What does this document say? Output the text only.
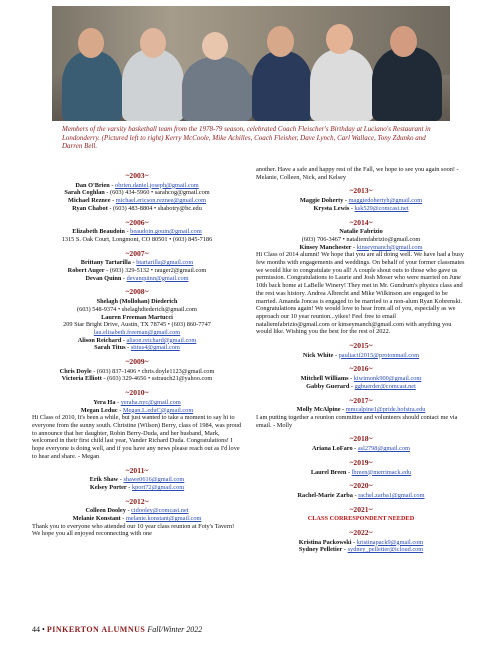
Members of the varsity basketball team from the 1978-79 season, celebrated Coach Fleischer's Birthday at Luciano's Restaurant in Londonderry. (Pictured left to right) Kerry McCoole, Mike Achilles, Coach Fleisher, Dave Lynch, Carl Wallace, Tony Zdunko and Darren Bell.
~2003~
Dan O'Brien - obrien.daniel.joseph@gmail.com
Sarah Coghlan - (603) 434-5960 • sarahcog@gmail.com
Michael Reznee - michael.ericson.reznee@gmail.com
Ryan Chabot - (603) 483-8804 • shabotry@bc.edu
~2006~
Elizabeth Beaudoin - beaudoin.gouin@gmail.com
1315 S. Oak Court, Longmont, CO 80501 • (603) 845-7186
~2007~
Brittany Tartarilla - btartarilla@gmail.com
Robert Auger - (603) 329-5132 • rauger2@gmail.com
Devan Quinn - devanquinn@gmail.com
~2008~
Shelagh (Mollohan) Diederich
(603) 548-9374 • shelaghdiederich@gmail.com
Lauren Freeman Martucci
209 Star Bright Drive, Austin, TX 78745 • (603) 860-7747
lau.elisabeth.freeman@gmail.com
Alison Reichard - alison.reichard@gmail.com
Sarah Titus - stitus4@gmail.com
~2009~
Chris Doyle - (603) 837-1406 • chris.doyle1123@gmail.com
Victoria Elliott - (603) 329-4656 • sstrauch21@yahoo.com
~2010~
Yera Ha - yeraha.nyc@gmail.com
Megan Leduc - Megan.L.eduC@gmail.com
Hi Class of 2010, It's been a while, but just wanted to take a moment to say hi to everyone from the sunny south. Christine (Wilson) Berry, class of 1984, was proud to announce that her daughter, Robin Berry-Duda, and her husband, Mark, welcomed in their first child last year, Vander Richard Duda. Congratulations! I hope everyone is doing well, and if you have any news please reach out as I'd love to hear and share. - Megan
~2011~
Erik Shaw - shawe0616@gmail.com
Kelsey Porter - kport72@gmail.com
~2012~
Colleen Dooley - cidooley@comcast.net
Melanie Konstant - melanie.konstant@gmail.com
Thank you to everyone who attended our 10 year class reunion at Foty's Tavern! We hope you all enjoyed reconnecting with one
another. Have a safe and happy rest of the Fall, we hope to see you again soon! - Melanie, Colleen, Nick, and Kelsey
~2013~
Maggie Doherty - maggiedohertyh@gmail.com
Krysta Lewis - ksk529@comcast.net
~2014~
Natalie Fabrizio
(603) 706-3467 • nataliemfabrizio@gmail.com
Kinsey Manchester - kinseymanch@gmail.com
Hi Class of 2014 alumni! We hope that you are all doing well. We have had a busy few months with engagements and weddings. On behalf of your former classmates we would like to congratulate you all! A couple shout outs to those who gave us permission. Congratulations to Laurie and Josh Moser who were married on June 10th back home at LaBelle Winery! They met in Mr. Gundrum's physics class and the rest was history. Andrea Albrecht and Mike Wilkinson are engaged to be married. Amanda Joncas is engaged to be married to a non-alum Ryan Kobrenski. Congratulations again! We would love to hear from all of you, especially as we approach our 10 year reunion...yikes! Feel free to email nataliemfabrizio@gmail.com or kinseymanch@gmail.com with anything you would like. Wishing you the best for the rest of 2022.
~2015~
Nick White - pauliacif2015@protonmail.com
~2016~
Mitchell Williams - kiwimonk900@gmail.com
Gabby Guerard - ggbuerder@comcast.net
~2017~
Molly McAlpine - mmcalpine1@pride.hofstra.edu
I am putting together a reunion committee and volunteers should contact me via email. - Molly
~2018~
Ariana LoFaro - asl2798@gmail.com
~2019~
Laurel Breen - lbreen@merrimack.edu
~2020~
Rachel-Marie Zarba - rachel.zarba1@gmail.com
~2021~
CLASS CORRESPONDENT NEEDED
~2022~
Kristina Packowski - kristinapack9@gmail.com
Sydney Pelletier - sydney_pelletier@icloud.com
44 • PINKERTON ALUMNUS Fall/Winter 2022
